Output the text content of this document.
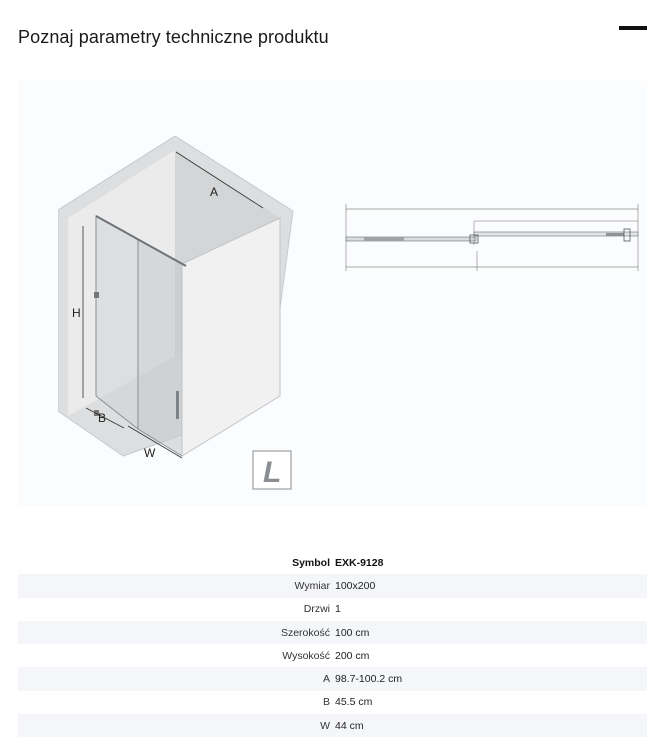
Poznaj parametry techniczne produktu
A
H
B
W
L
Symbol	EXK-9128
Wymiar	100x200
Drzwi	1
Szerokość	100 cm
Wysokość	200 cm
A	98.7-100.2 cm
B	45.5 cm
W	44 cm
